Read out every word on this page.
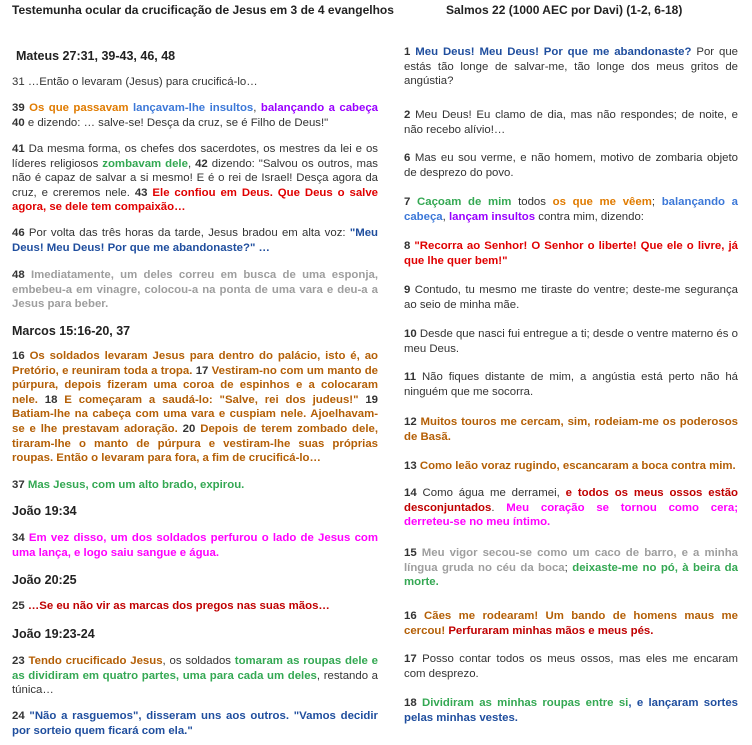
Testemunha ocular da crucificação de Jesus em 3 de 4 evangelhos
Mateus 27:31, 39-43, 46, 48
31 …Então o levaram (Jesus) para crucificá-lo…
39 Os que passavam lançavam-lhe insultos, balançando a cabeça 40 e dizendo: … salve-se! Desça da cruz, se é Filho de Deus!"
41 Da mesma forma, os chefes dos sacerdotes, os mestres da lei e os líderes religiosos zombavam dele, 42 dizendo: "Salvou os outros, mas não é capaz de salvar a si mesmo! E é o rei de Israel! Desça agora da cruz, e creremos nele. 43 Ele confiou em Deus. Que Deus o salve agora, se dele tem compaixão…
46 Por volta das três horas da tarde, Jesus bradou em alta voz: "Meu Deus! Meu Deus! Por que me abandonaste?" …
48 Imediatamente, um deles correu em busca de uma esponja, embebeu-a em vinagre, colocou-a na ponta de uma vara e deu-a a Jesus para beber.
Marcos 15:16-20, 37
16 Os soldados levaram Jesus para dentro do palácio, isto é, ao Pretório, e reuniram toda a tropa. 17 Vestiram-no com um manto de púrpura, depois fizeram uma coroa de espinhos e a colocaram nele. 18 E começaram a saudá-lo: "Salve, rei dos judeus!" 19 Batiam-lhe na cabeça com uma vara e cuspiam nele. Ajoelhavam-se e lhe prestavam adoração. 20 Depois de terem zombado dele, tiraram-lhe o manto de púrpura e vestiram-lhe suas próprias roupas. Então o levaram para fora, a fim de crucificá-lo…
37 Mas Jesus, com um alto brado, expirou.
João 19:34
34 Em vez disso, um dos soldados perfurou o lado de Jesus com uma lança, e logo saiu sangue e água.
João 20:25
25 …Se eu não vir as marcas dos pregos nas suas mãos…
João 19:23-24
23 Tendo crucificado Jesus, os soldados tomaram as roupas dele e as dividiram em quatro partes, uma para cada um deles, restando a túnica…
24 "Não a rasguemos", disseram uns aos outros. "Vamos decidir por sorteio quem ficará com ela."
Salmos 22 (1000 AEC por Davi) (1-2, 6-18)
1 Meu Deus! Meu Deus! Por que me abandonaste? Por que estás tão longe de salvar-me, tão longe dos meus gritos de angústia?
2 Meu Deus! Eu clamo de dia, mas não respondes; de noite, e não recebo alívio!…
6 Mas eu sou verme, e não homem, motivo de zombaria objeto de desprezo do povo.
7 Caçoam de mim todos os que me vêem; balançando a cabeça, lançam insultos contra mim, dizendo:
8 "Recorra ao Senhor! O Senhor o liberte! Que ele o livre, já que lhe quer bem!"
9 Contudo, tu mesmo me tiraste do ventre; deste-me segurança ao seio de minha mãe.
10 Desde que nasci fui entregue a ti; desde o ventre materno és o meu Deus.
11 Não fiques distante de mim, a angústia está perto não há ninguém que me socorra.
12 Muitos touros me cercam, sim, rodeiam-me os poderosos de Basã.
13 Como leão voraz rugindo, escancaram a boca contra mim.
14 Como água me derramei, e todos os meus ossos estão desconjuntados. Meu coração se tornou como cera; derreteu-se no meu íntimo.
15 Meu vigor secou-se como um caco de barro, e a minha língua gruda no céu da boca; deixaste-me no pó, à beira da morte.
16 Cães me rodearam! Um bando de homens maus me cercou! Perfuraram minhas mãos e meus pés.
17 Posso contar todos os meus ossos, mas eles me encaram com desprezo.
18 Dividiram as minhas roupas entre si, e lançaram sortes pelas minhas vestes.
